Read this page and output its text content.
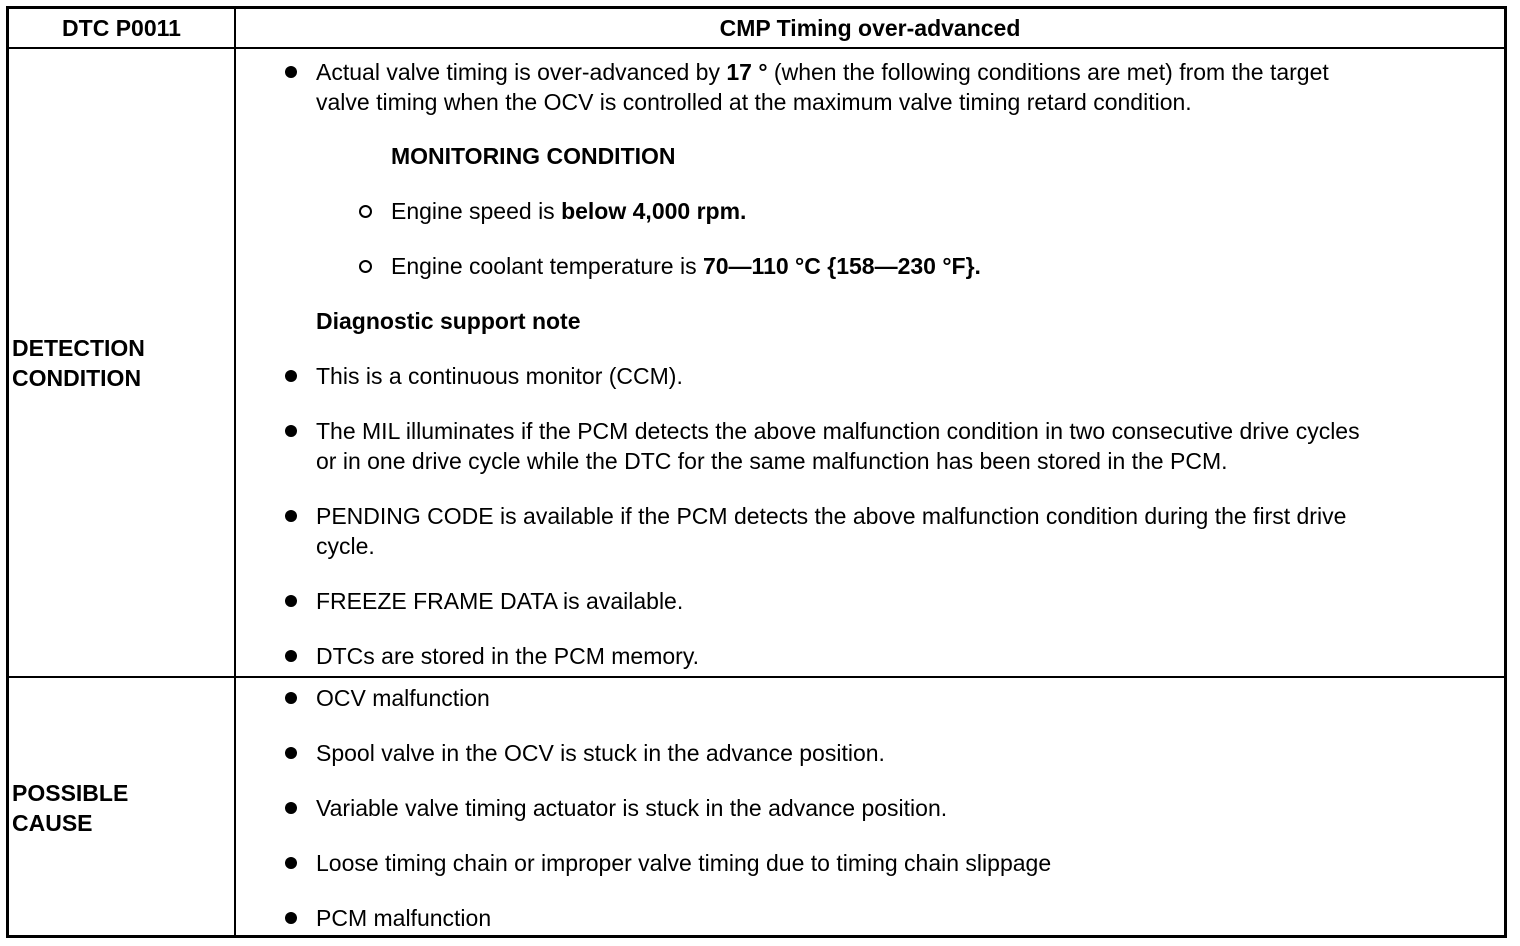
DTC P0011	CMP Timing over-advanced
DETECTION
CONDITION
Actual valve timing is over-advanced by 17 ° (when the following conditions are met) from the target
valve timing when the OCV is controlled at the maximum valve timing retard condition.
MONITORING CONDITION
Engine speed is below 4,000 rpm.
Engine coolant temperature is 70—110 °C {158—230 °F}.
Diagnostic support note
This is a continuous monitor (CCM).
The MIL illuminates if the PCM detects the above malfunction condition in two consecutive drive cycles
or in one drive cycle while the DTC for the same malfunction has been stored in the PCM.
PENDING CODE is available if the PCM detects the above malfunction condition during the first drive
cycle.
FREEZE FRAME DATA is available.
DTCs are stored in the PCM memory.
POSSIBLE
CAUSE
OCV malfunction
Spool valve in the OCV is stuck in the advance position.
Variable valve timing actuator is stuck in the advance position.
Loose timing chain or improper valve timing due to timing chain slippage
PCM malfunction
